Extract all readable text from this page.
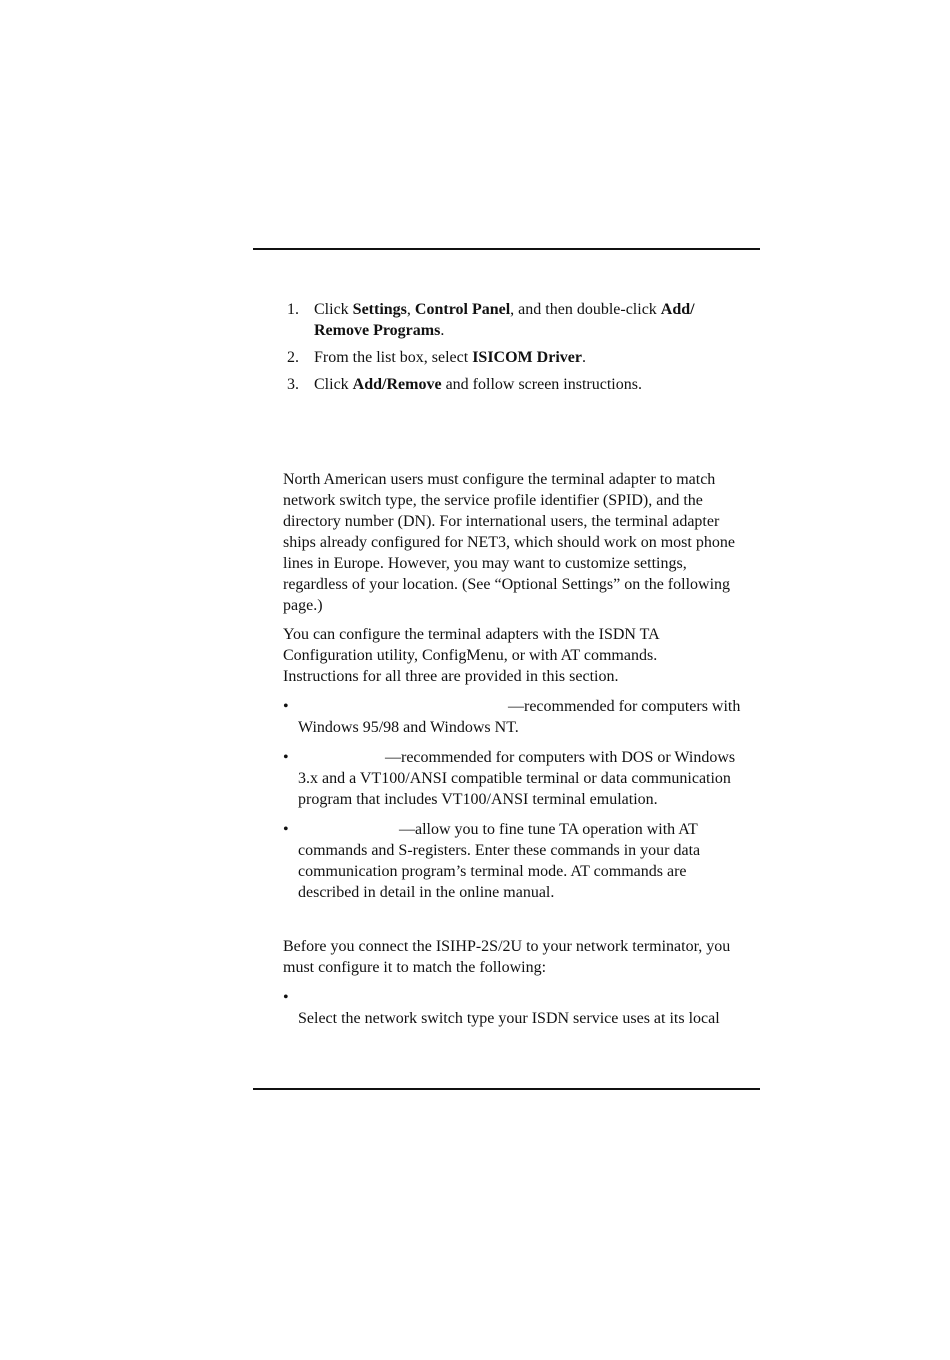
1. Click Settings, Control Panel, and then double-click Add/
Remove Programs.
2. From the list box, select ISICOM Driver.
3. Click Add/Remove and follow screen instructions.
North American users must configure the terminal adapter to match
network switch type, the service profile identifier (SPID), and the
directory number (DN). For international users, the terminal adapter
ships already configured for NET3, which should work on most phone
lines in Europe. However, you may want to customize settings,
regardless of your location. (See “Optional Settings” on the following
page.)
You can configure the terminal adapters with the ISDN TA
Configuration utility, ConfigMenu, or with AT commands.
Instructions for all three are provided in this section.
•	—recommended for computers with
Windows 95/98 and Windows NT.
•	—recommended for computers with DOS or Windows
3.x and a VT100/ANSI compatible terminal or data communication
program that includes VT100/ANSI terminal emulation.
•	—allow you to fine tune TA operation with AT
commands and S-registers. Enter these commands in your data
communication program’s terminal mode. AT commands are
described in detail in the online manual.
Before you connect the ISIHP-2S/2U to your network terminator, you
must configure it to match the following:
•
Select the network switch type your ISDN service uses at its local
